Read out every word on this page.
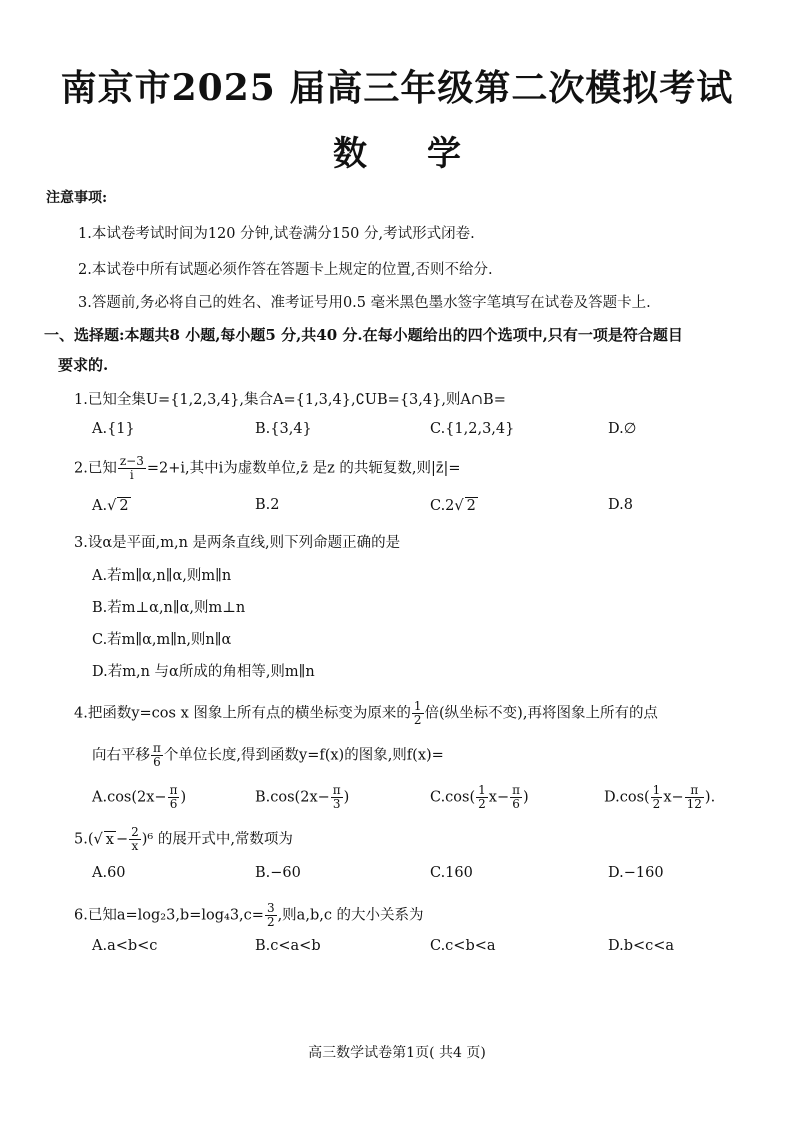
南京市2025 届高三年级第二次模拟考试
数 学
注意事项:
1.本试卷考试时间为120 分钟,试卷满分150 分,考试形式闭卷.
2.本试卷中所有试题必须作答在答题卡上规定的位置,否则不给分.
3.答题前,务必将自己的姓名、准考证号用0.5 毫米黑色墨水签字笔填写在试卷及答题卡上.
一、选择题:本题共8 小题,每小题5 分,共40 分.在每小题给出的四个选项中,只有一项是符合题目
要求的.
1.已知全集U={1,2,3,4},集合A={1,3,4},∁UB={3,4},则A∩B=
A.{1}	B.{3,4}	C.{1,2,3,4}	D.∅
2.已知 $\frac{z-3}{i} =2+i$,其中i为虚数单位,z̄ 是z 的共轭复数,则|z̄|=
A.√ 2	B.2	C.2√ 2	D.8
3.设α是平面,m,n 是两条直线,则下列命题正确的是
A.若m∥α,n∥α,则m∥n
B.若m⊥α,n∥α,则m⊥n
C.若m∥α,m∥n,则n∥α
D.若m,n 与α所成的角相等,则m∥n
4.把函数y=cos x 图象上所有点的横坐标变为原来的 $\frac{1}{2}$ 倍(纵坐标不变),再将图象上所有的点
向右平移 $\frac{\pi}{6}$ 个单位长度,得到函数y=f(x)的图象,则f(x)=
$A.\cos(2x- \frac{\pi}{6}$ )	$B.\cos(2x- \frac{\pi}{3}$ )	$C.\cos( \frac{1}{2} x- \frac{\pi}{6}$ )	$D.\cos( \frac{1}{2} x- \frac{\pi}{12}$ ).
5.(√ $x - \frac{2}{x} )^6$ 的展开式中,常数项为
A.60	B.−60	C.160	D.−160
6.已知$a=\log_23,b=\log_43,c= \frac{3}{2}$ ,则a,b,c 的大小关系为
A.a<b<c	B.c<a<b	C.c<b<a	D.b<c<a
高三数学试卷第1页( 共4 页)
